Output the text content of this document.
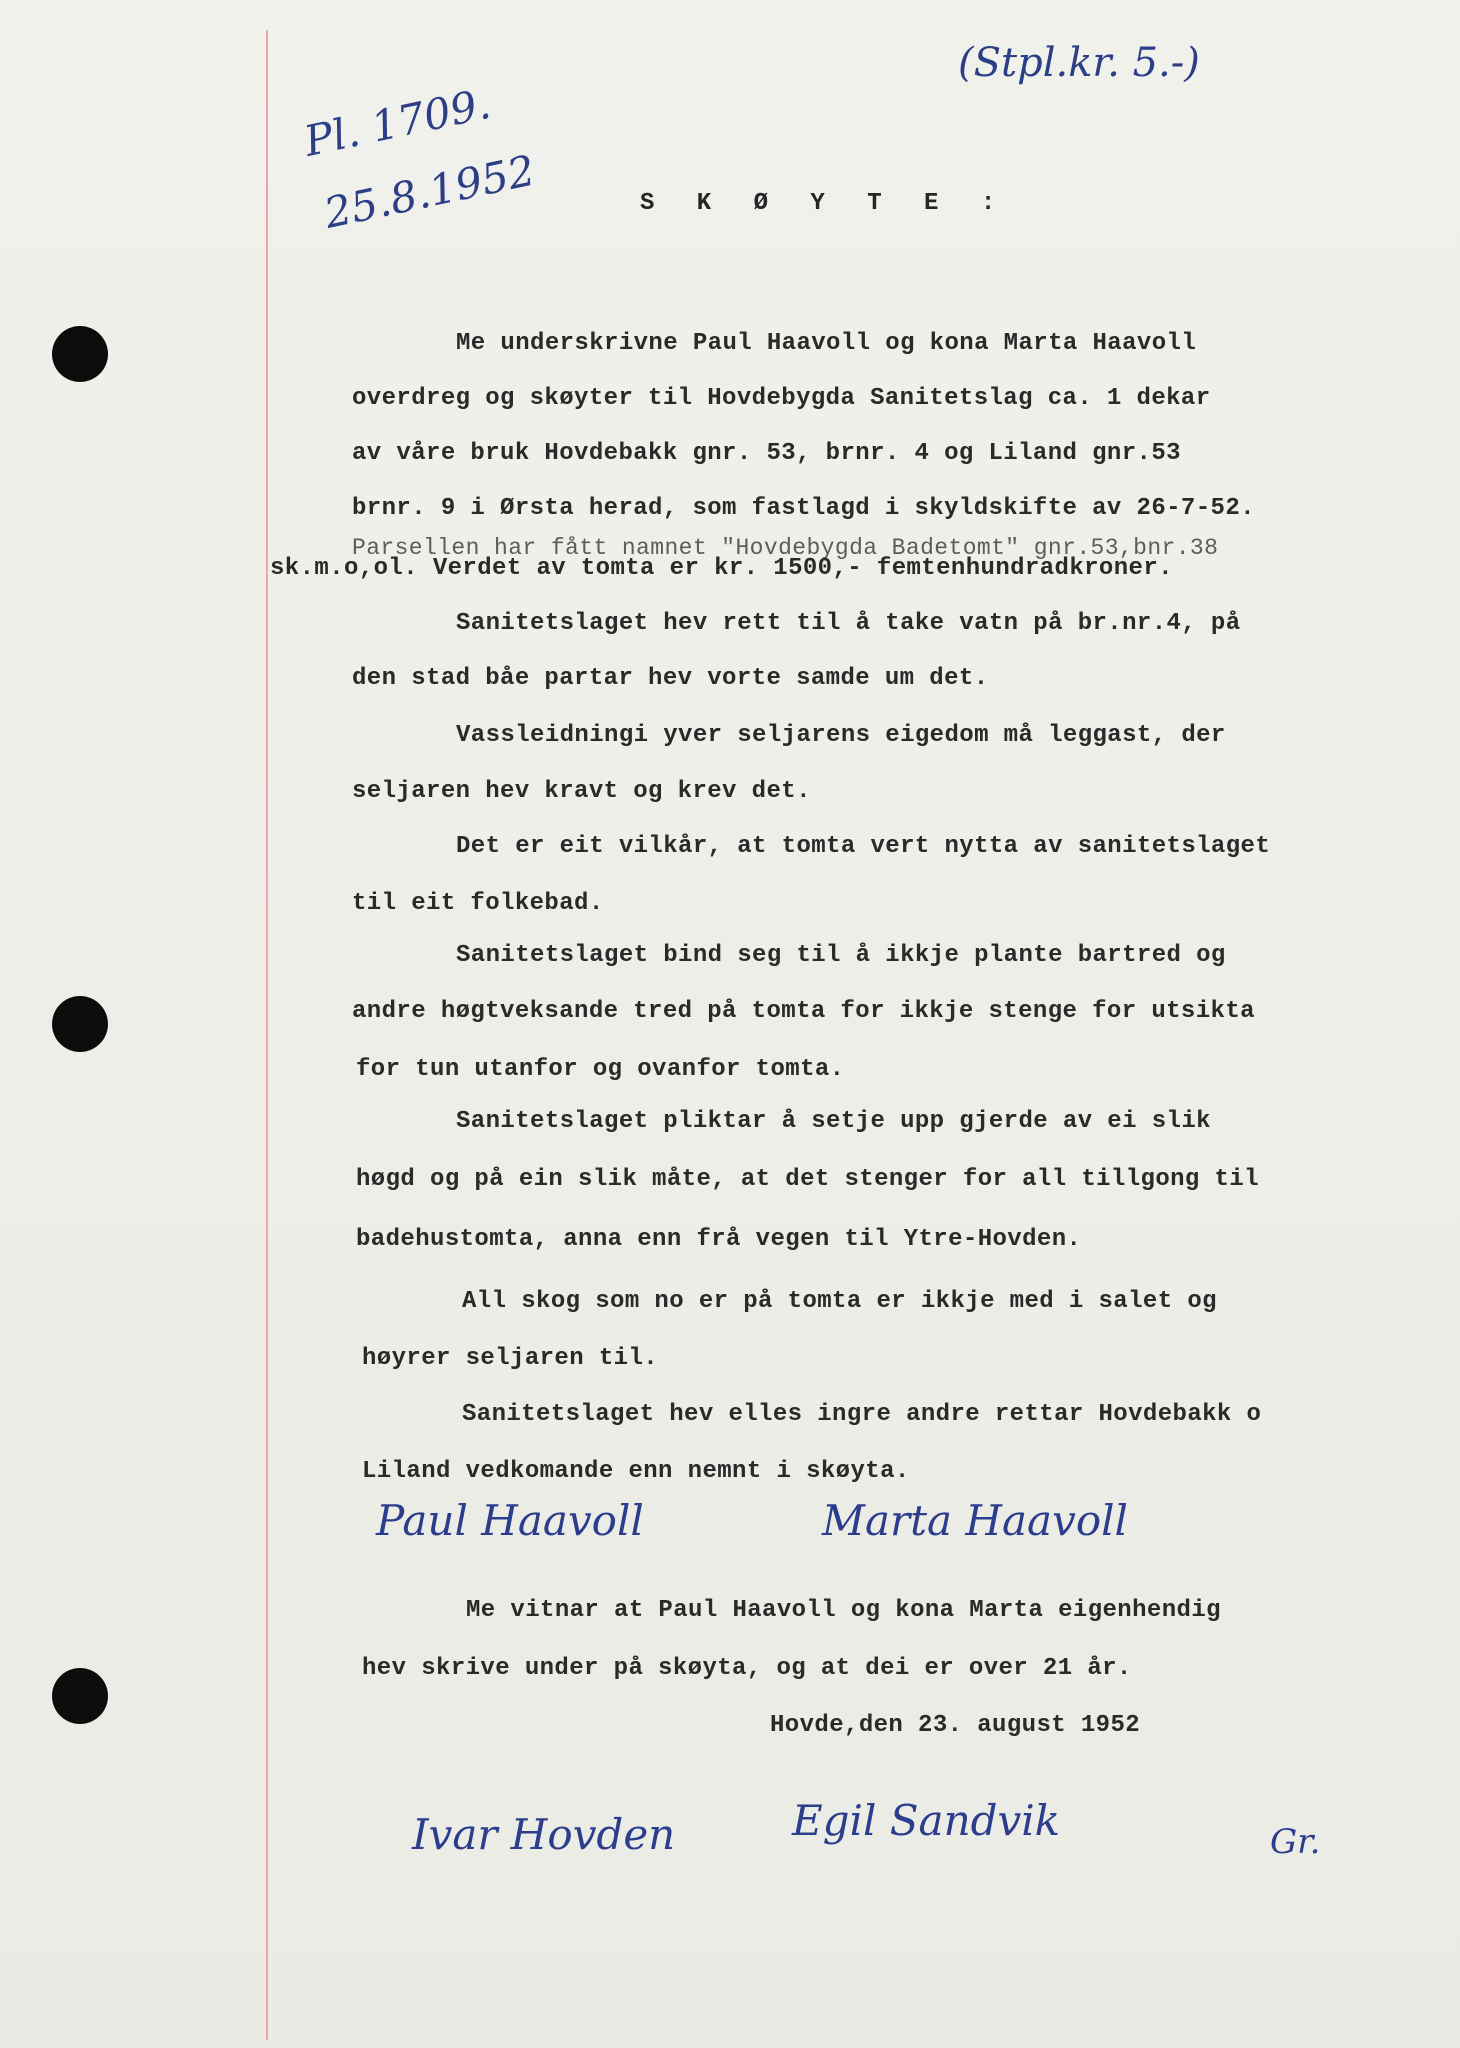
(Stpl.kr. 5.-)
Pl. 1709.
25.8.1952	S K Ø Y T E :
Me underskrivne Paul Haavoll og kona Marta Haavoll
overdreg og skøyter til Hovdebygda Sanitetslag ca. 1 dekar
av våre bruk Hovdebakk gnr. 53, brnr. 4 og Liland gnr.53
brnr. 9 i Ørsta herad, som fastlagd i skyldskifte av 26-7-52.
Parsellen har fått namnet "Hovdebygda Badetomt" gnr.53,bnr.38
sk.m.o,ol. Verdet av tomta er kr. 1500,- femtenhundradkroner.
Sanitetslaget hev rett til å take vatn på br.nr.4, på
den stad båe partar hev vorte samde um det.
Vassleidningi yver seljarens eigedom må leggast, der
seljaren hev kravt og krev det.
Det er eit vilkår, at tomta vert nytta av sanitetslaget
til eit folkebad.
Sanitetslaget bind seg til å ikkje plante bartred og
andre høgtveksande tred på tomta for ikkje stenge for utsikta
for tun utanfor og ovanfor tomta.
Sanitetslaget pliktar å setje upp gjerde av ei slik
høgd og på ein slik måte, at det stenger for all tillgong til
badehustomta, anna enn frå vegen til Ytre-Hovden.
All skog som no er på tomta er ikkje med i salet og
høyrer seljaren til.
Sanitetslaget hev elles ingre andre rettar Hovdebakk o
Liland vedkomande enn nemnt i skøyta.
Paul Haavoll	Marta Haavoll
Me vitnar at Paul Haavoll og kona Marta eigenhendig
hev skrive under på skøyta, og at dei er over 21 år.
Hovde,den 23. august 1952
Ivar Hovden	Egil Sandvik	Gr.
